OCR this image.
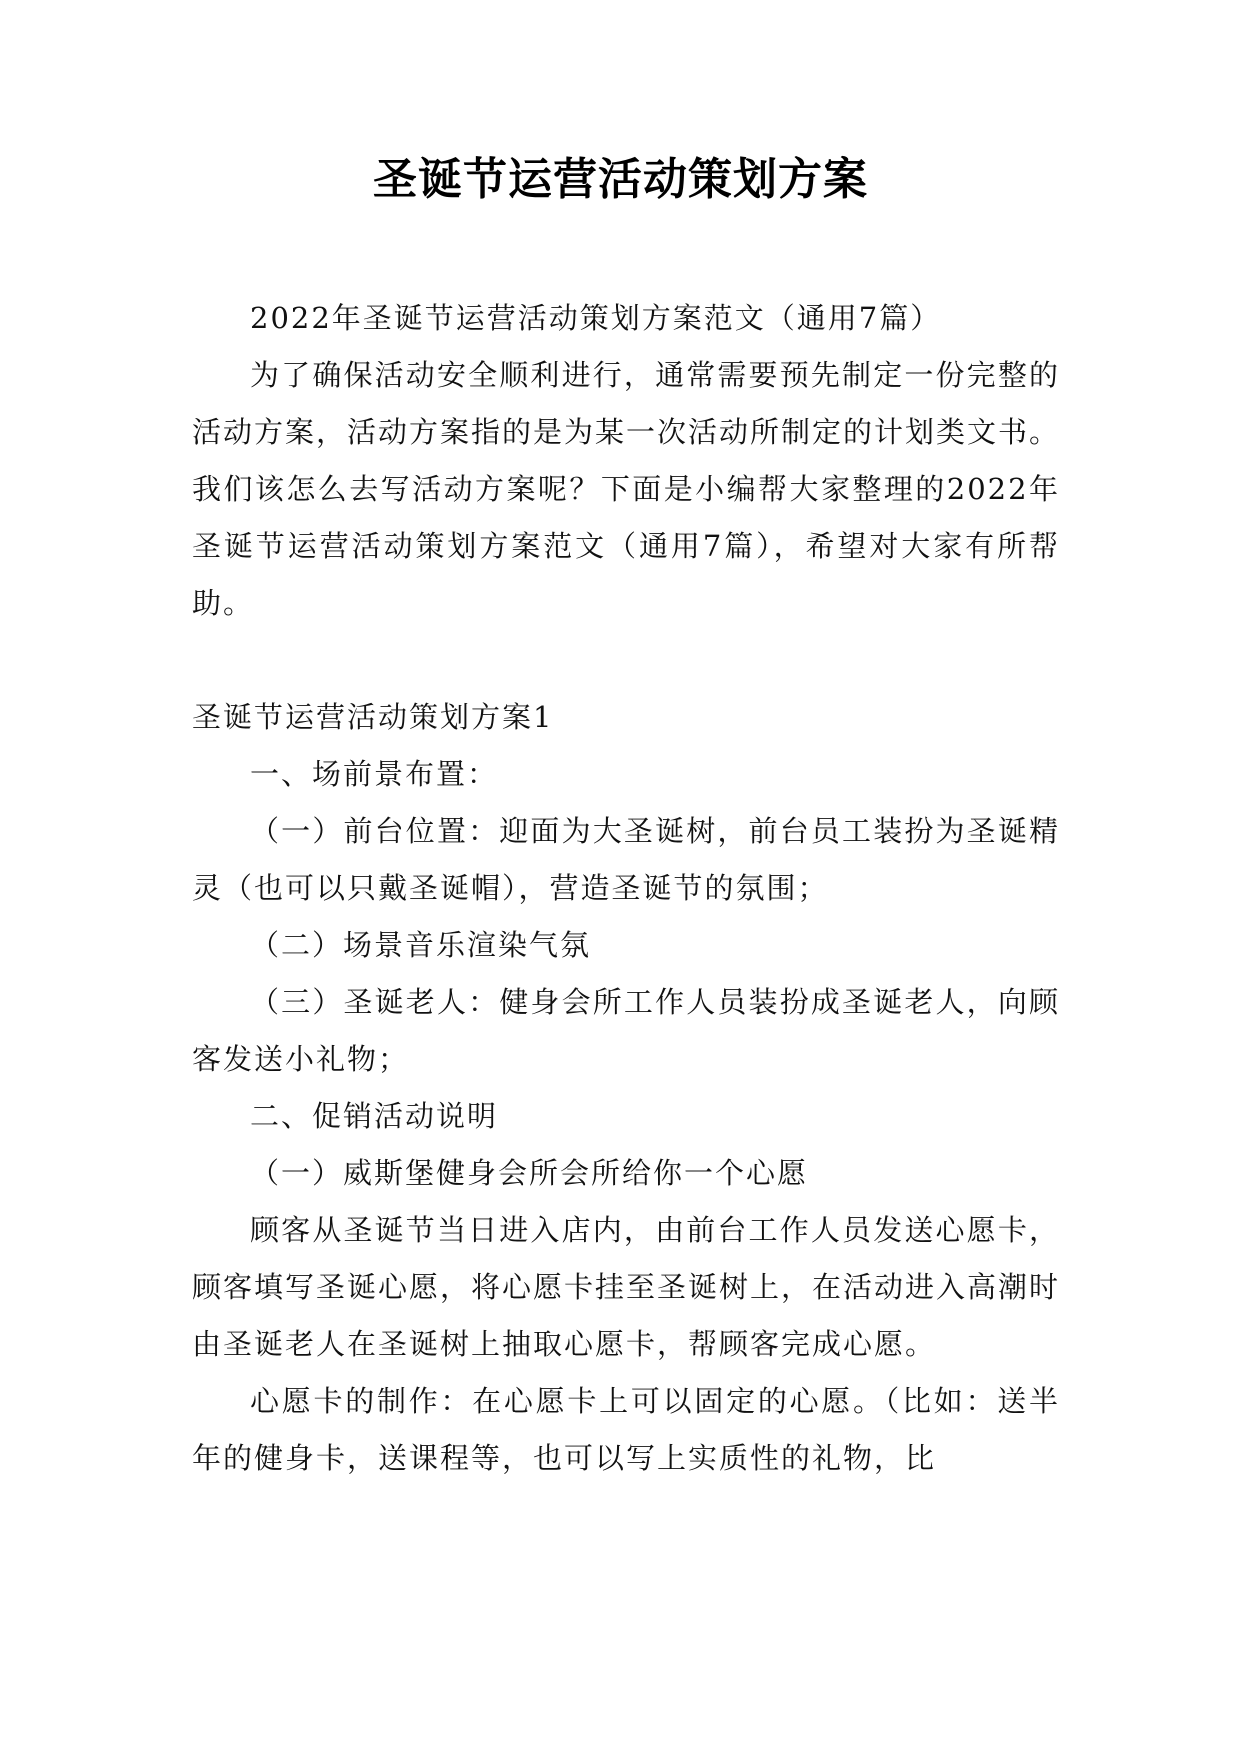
圣诞节运营活动策划方案

2022年圣诞节运营活动策划方案范文（通用7篇）

为了确保活动安全顺利进行，通常需要预先制定一份完整的活动方案，活动方案指的是为某一次活动所制定的计划类文书。我们该怎么去写活动方案呢？下面是小编帮大家整理的2022年圣诞节运营活动策划方案范文（通用7篇），希望对大家有所帮助。

圣诞节运营活动策划方案1

一、场前景布置：

（一）前台位置：迎面为大圣诞树，前台员工装扮为圣诞精灵（也可以只戴圣诞帽），营造圣诞节的氛围；

（二）场景音乐渲染气氛

（三）圣诞老人：健身会所工作人员装扮成圣诞老人，向顾客发送小礼物；

二、促销活动说明

（一）威斯堡健身会所会所给你一个心愿

顾客从圣诞节当日进入店内，由前台工作人员发送心愿卡，顾客填写圣诞心愿，将心愿卡挂至圣诞树上，在活动进入高潮时由圣诞老人在圣诞树上抽取心愿卡，帮顾客完成心愿。

心愿卡的制作：在心愿卡上可以固定的心愿。（比如：送半年的健身卡，送课程等，也可以写上实质性的礼物，比
